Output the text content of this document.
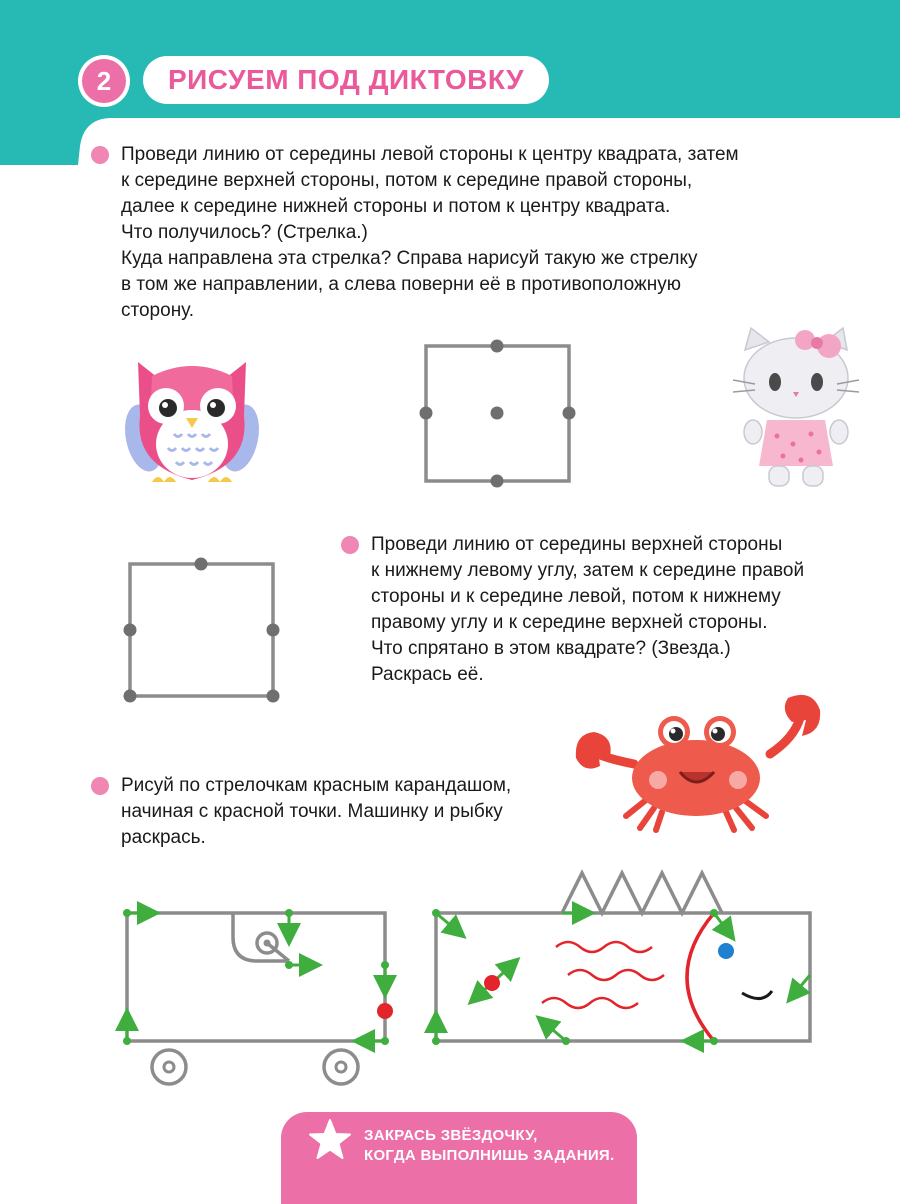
2	РИСУЕМ ПОД ДИКТОВКУ
Проведи линию от середины левой стороны к центру квадрата, затем
к середине верхней стороны, потом к середине правой стороны,
далее к середине нижней стороны и потом к центру квадрата.
Что получилось? (Стрелка.)
Куда направлена эта стрелка? Справа нарисуй такую же стрелку
в том же направлении, а слева поверни её в противоположную
сторону.
Проведи линию от середины верхней стороны
к нижнему левому углу, затем к середине правой
стороны и к середине левой, потом к нижнему
правому углу и к середине верхней стороны.
Что спрятано в этом квадрате? (Звезда.)
Раскрась её.
Рисуй по стрелочкам красным карандашом,
начиная с красной точки. Машинку и рыбку
раскрась.
ЗАКРАСЬ ЗВЁЗДОЧКУ,
КОГДА ВЫПОЛНИШЬ ЗАДАНИЯ.
